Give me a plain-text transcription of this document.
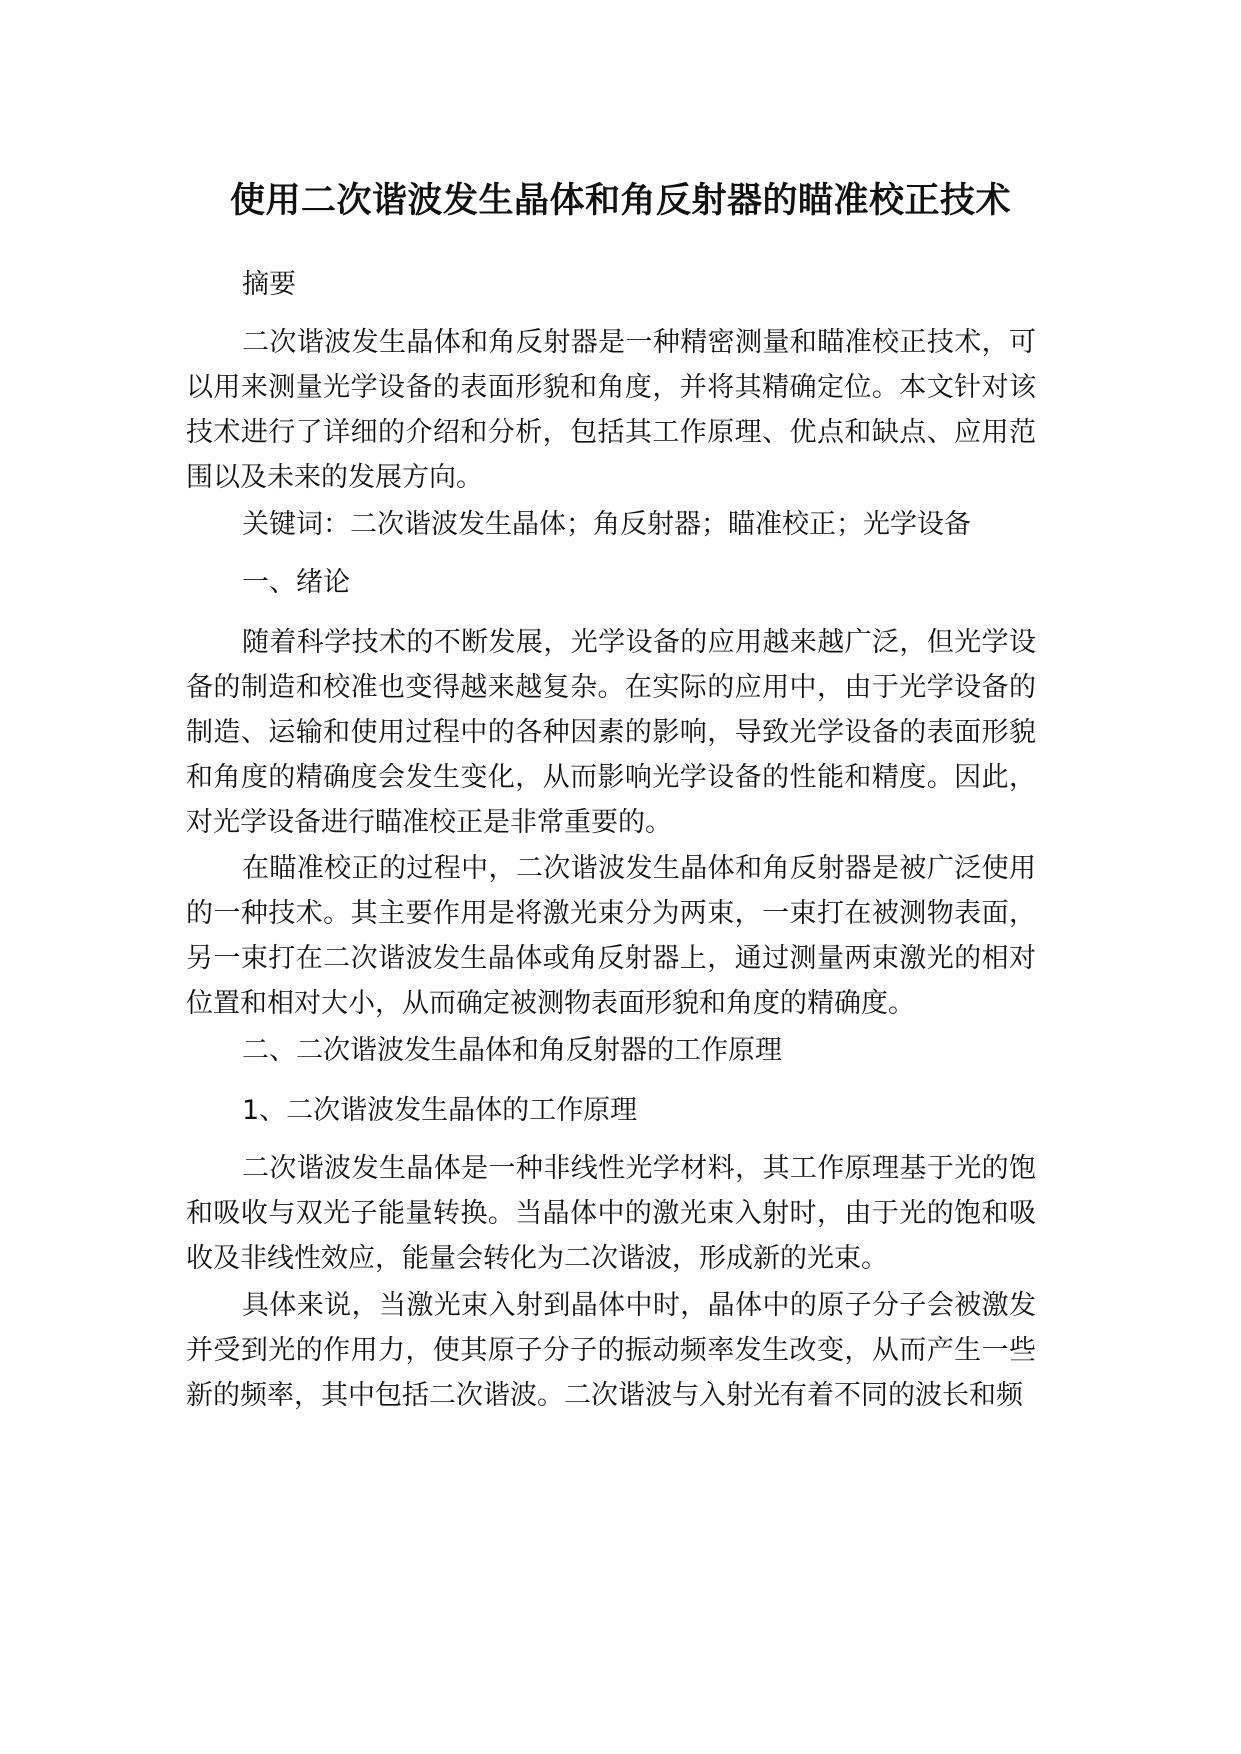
使用二次谐波发生晶体和角反射器的瞄准校正技术

摘要

二次谐波发生晶体和角反射器是一种精密测量和瞄准校正技术，可以用来测量光学设备的表面形貌和角度，并将其精确定位。本文针对该技术进行了详细的介绍和分析，包括其工作原理、优点和缺点、应用范围以及未来的发展方向。

关键词：二次谐波发生晶体；角反射器；瞄准校正；光学设备

一、绪论

随着科学技术的不断发展，光学设备的应用越来越广泛，但光学设备的制造和校准也变得越来越复杂。在实际的应用中，由于光学设备的制造、运输和使用过程中的各种因素的影响，导致光学设备的表面形貌和角度的精确度会发生变化，从而影响光学设备的性能和精度。因此，对光学设备进行瞄准校正是非常重要的。

在瞄准校正的过程中，二次谐波发生晶体和角反射器是被广泛使用的一种技术。其主要作用是将激光束分为两束，一束打在被测物表面，另一束打在二次谐波发生晶体或角反射器上，通过测量两束激光的相对位置和相对大小，从而确定被测物表面形貌和角度的精确度。

二、二次谐波发生晶体和角反射器的工作原理

1、二次谐波发生晶体的工作原理

二次谐波发生晶体是一种非线性光学材料，其工作原理基于光的饱和吸收与双光子能量转换。当晶体中的激光束入射时，由于光的饱和吸收及非线性效应，能量会转化为二次谐波，形成新的光束。

具体来说，当激光束入射到晶体中时，晶体中的原子分子会被激发并受到光的作用力，使其原子分子的振动频率发生改变，从而产生一些新的频率，其中包括二次谐波。二次谐波与入射光有着不同的波长和频
